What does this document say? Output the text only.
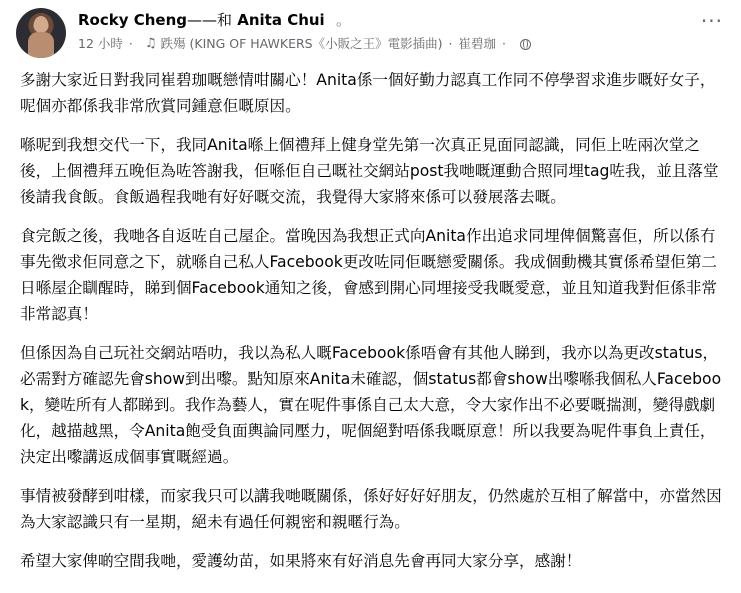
Rocky Cheng——和 Anita Chui 。
12 小時 · ♫ 跌殤 (KING OF HAWKERS《小販之王》電影插曲) · 崔碧珈 ·
···

多謝大家近日對我同崔碧珈嘅戀情咁關心！Anita係一個好勤力認真工作同不停學習求進步嘅好女子，呢個亦都係我非常欣賞同鍾意佢嘅原因。

喺呢到我想交代一下，我同Anita喺上個禮拜上健身堂先第一次真正見面同認識，同佢上咗兩次堂之後，上個禮拜五晚佢為咗答謝我，佢喺佢自己嘅社交網站post我哋嘅運動合照同埋tag咗我，並且落堂後請我食飯。食飯過程我哋有好好嘅交流，我覺得大家將來係可以發展落去嘅。

食完飯之後，我哋各自返咗自己屋企。當晚因為我想正式向Anita作出追求同埋俾個驚喜佢，所以係冇事先徵求佢同意之下，就喺自己私人Facebook更改咗同佢嘅戀愛關係。我成個動機其實係希望佢第二日喺屋企瞓醒時，睇到個Facebook通知之後，會感到開心同埋接受我嘅愛意，並且知道我對佢係非常非常認真！

但係因為自己玩社交網站唔叻，我以為私人嘅Facebook係唔會有其他人睇到，我亦以為更改status，必需對方確認先會show到出嚟。點知原來Anita未確認，個status都會show出嚟喺我個私人Facebook，變咗所有人都睇到。我作為藝人，實在呢件事係自己太大意，令大家作出不必要嘅揣測，變得戲劇化，越描越黑，令Anita飽受負面輿論同壓力，呢個絕對唔係我嘅原意！所以我要為呢件事負上責任，決定出嚟講返成個事實嘅經過。

事情被發酵到咁樣，而家我只可以講我哋嘅關係，係好好好好朋友，仍然處於互相了解當中，亦當然因為大家認識只有一星期，絕未有過任何親密和親暱行為。

希望大家俾啲空間我哋，愛護幼苗，如果將來有好消息先會再同大家分享，感謝！
